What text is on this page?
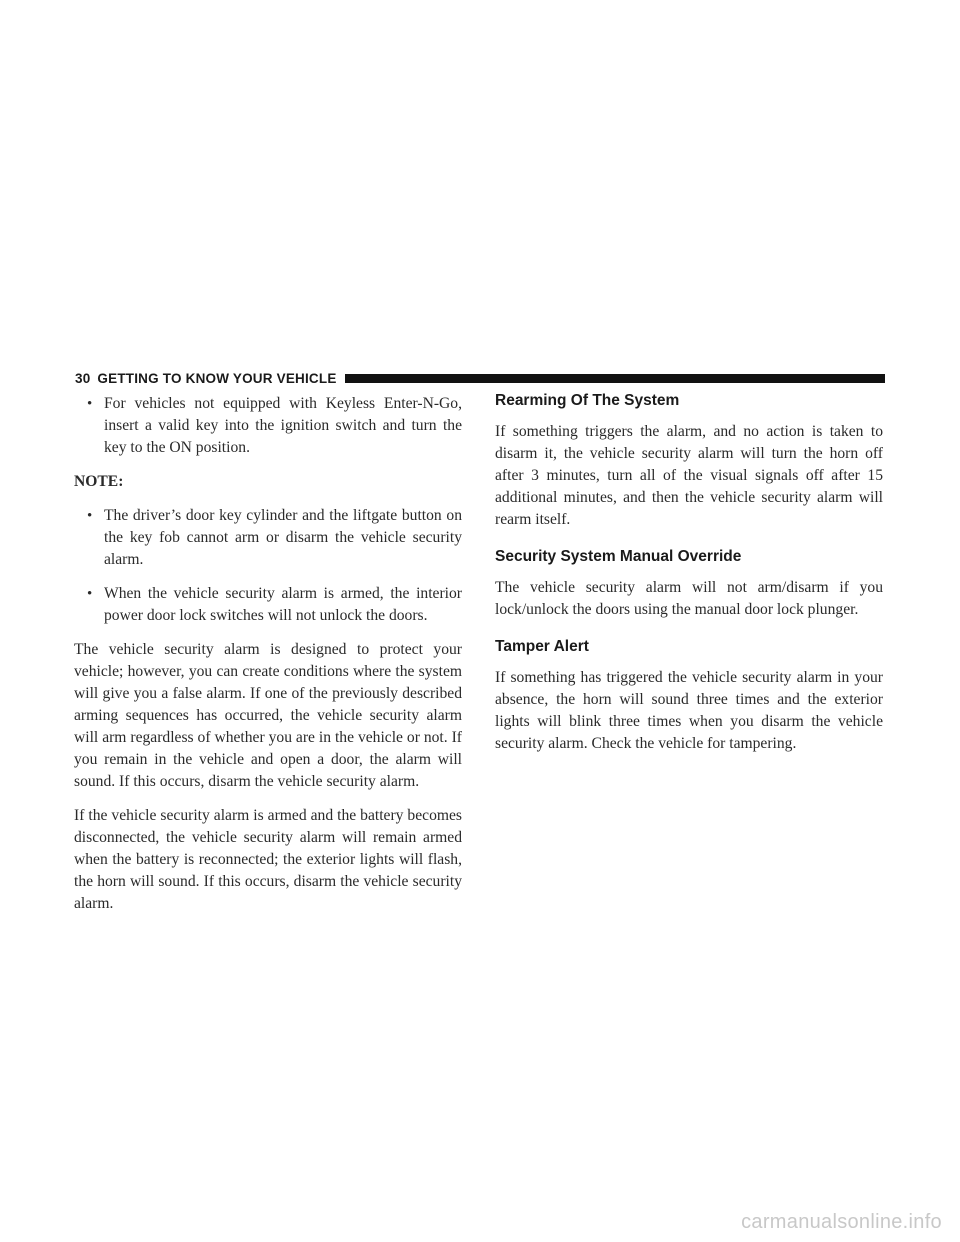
30 GETTING TO KNOW YOUR VEHICLE
• For vehicles not equipped with Keyless Enter-N-Go, insert a valid key into the ignition switch and turn the key to the ON position.

NOTE:
• The driver’s door key cylinder and the liftgate button on the key fob cannot arm or disarm the vehicle security alarm.

• When the vehicle security alarm is armed, the interior power door lock switches will not unlock the doors.

The vehicle security alarm is designed to protect your vehicle; however, you can create conditions where the system will give you a false alarm. If one of the previously described arming sequences has occurred, the vehicle security alarm will arm regardless of whether you are in the vehicle or not. If you remain in the vehicle and open a door, the alarm will sound. If this occurs, disarm the vehicle security alarm.

If the vehicle security alarm is armed and the battery becomes disconnected, the vehicle security alarm will remain armed when the battery is reconnected; the exterior lights will flash, the horn will sound. If this occurs, disarm the vehicle security alarm.

Rearming Of The System

If something triggers the alarm, and no action is taken to disarm it, the vehicle security alarm will turn the horn off after 3 minutes, turn all of the visual signals off after 15 additional minutes, and then the vehicle security alarm will rearm itself.

Security System Manual Override

The vehicle security alarm will not arm/disarm if you lock/unlock the doors using the manual door lock plunger.

Tamper Alert

If something has triggered the vehicle security alarm in your absence, the horn will sound three times and the exterior lights will blink three times when you disarm the vehicle security alarm. Check the vehicle for tampering.

carmanualsonline.info
